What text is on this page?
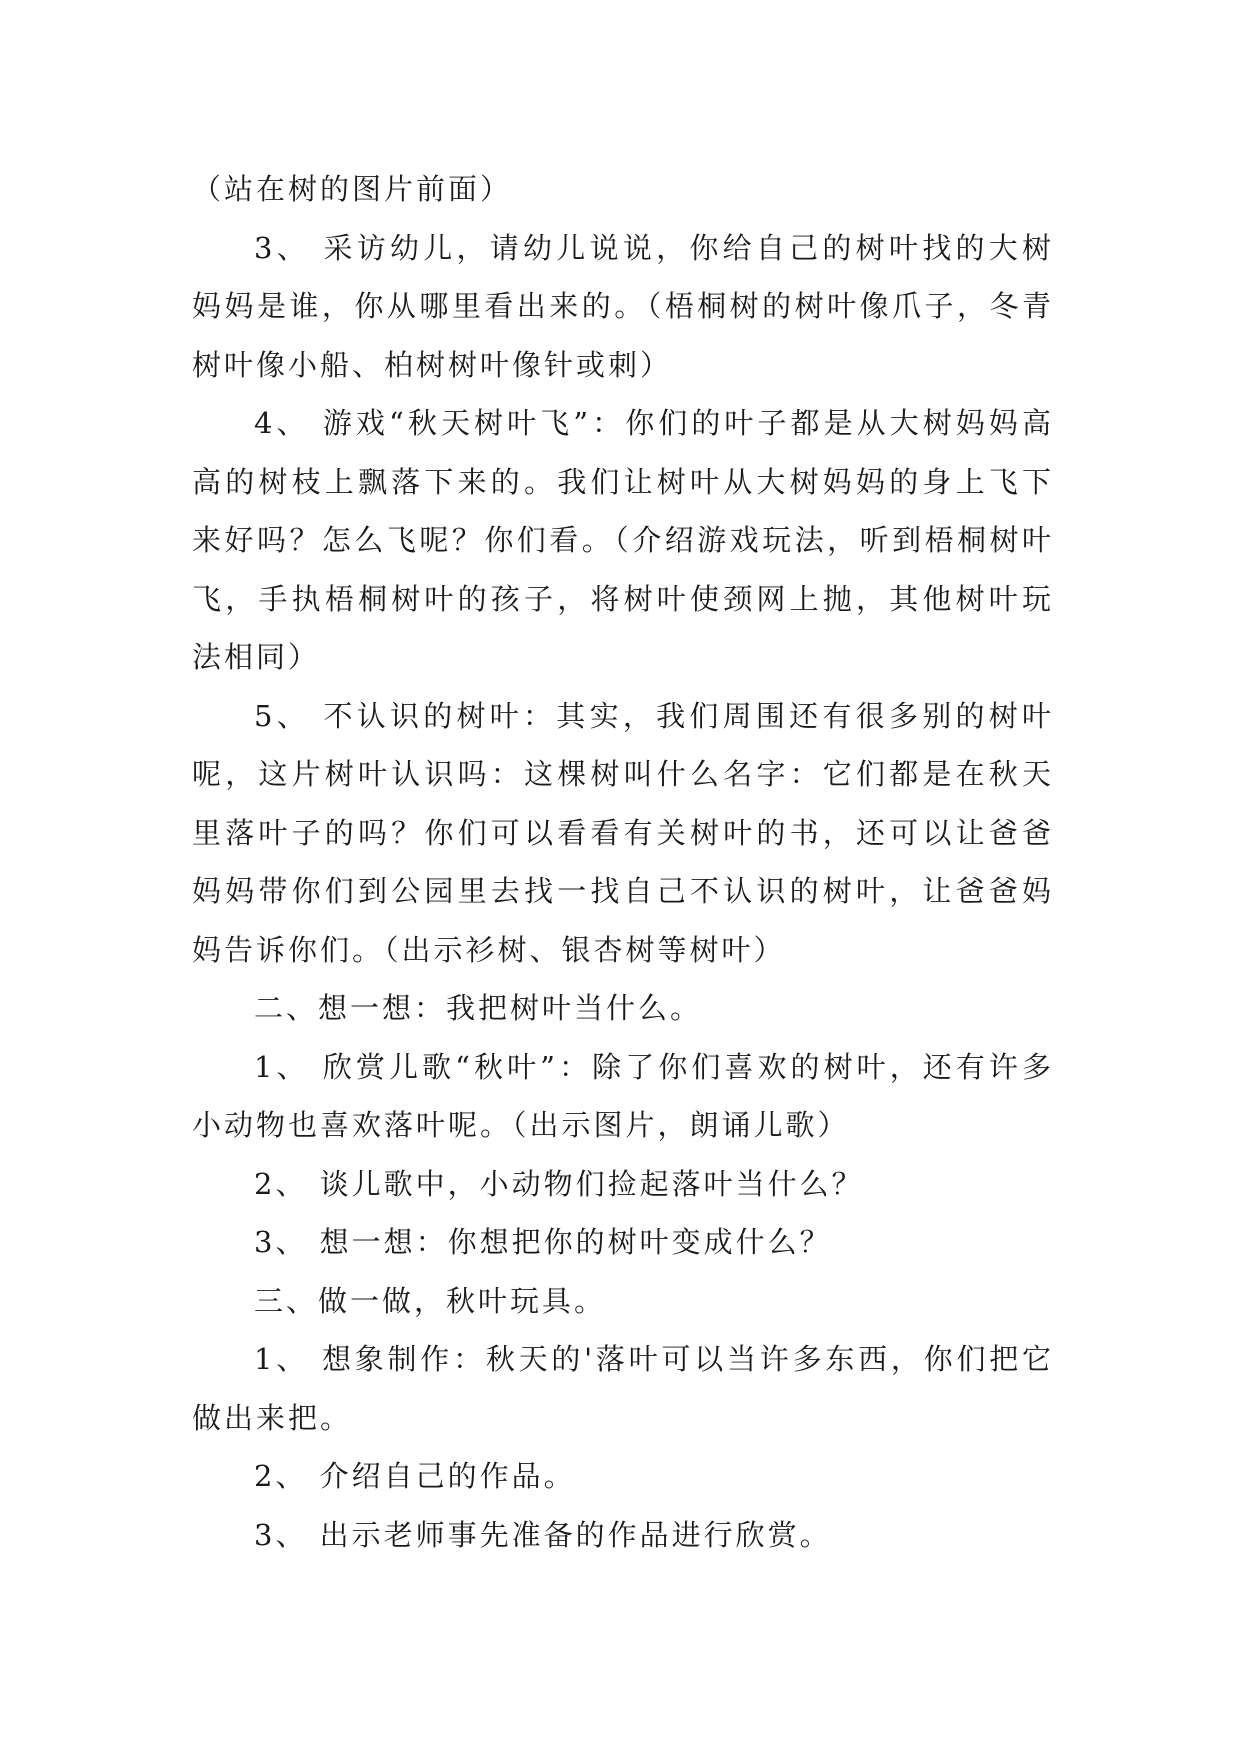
（站在树的图片前面）

3、 采访幼儿，请幼儿说说，你给自己的树叶找的大树妈妈是谁，你从哪里看出来的。（梧桐树的树叶像爪子，冬青树叶像小船、柏树树叶像针或刺）

4、 游戏“秋天树叶飞”：你们的叶子都是从大树妈妈高高的树枝上飘落下来的。我们让树叶从大树妈妈的身上飞下来好吗？怎么飞呢？你们看。（介绍游戏玩法，听到梧桐树叶飞，手执梧桐树叶的孩子，将树叶使颈网上抛，其他树叶玩法相同）

5、 不认识的树叶：其实，我们周围还有很多别的树叶呢，这片树叶认识吗：这棵树叫什么名字：它们都是在秋天里落叶子的吗？你们可以看看有关树叶的书，还可以让爸爸妈妈带你们到公园里去找一找自己不认识的树叶，让爸爸妈妈告诉你们。（出示衫树、银杏树等树叶）

二、想一想：我把树叶当什么。

1、 欣赏儿歌“秋叶”：除了你们喜欢的树叶，还有许多小动物也喜欢落叶呢。（出示图片，朗诵儿歌）

2、 谈儿歌中，小动物们捡起落叶当什么？

3、 想一想：你想把你的树叶变成什么？

三、做一做，秋叶玩具。

1、 想象制作：秋天的'落叶可以当许多东西，你们把它做出来把。

2、 介绍自己的作品。

3、 出示老师事先准备的作品进行欣赏。
